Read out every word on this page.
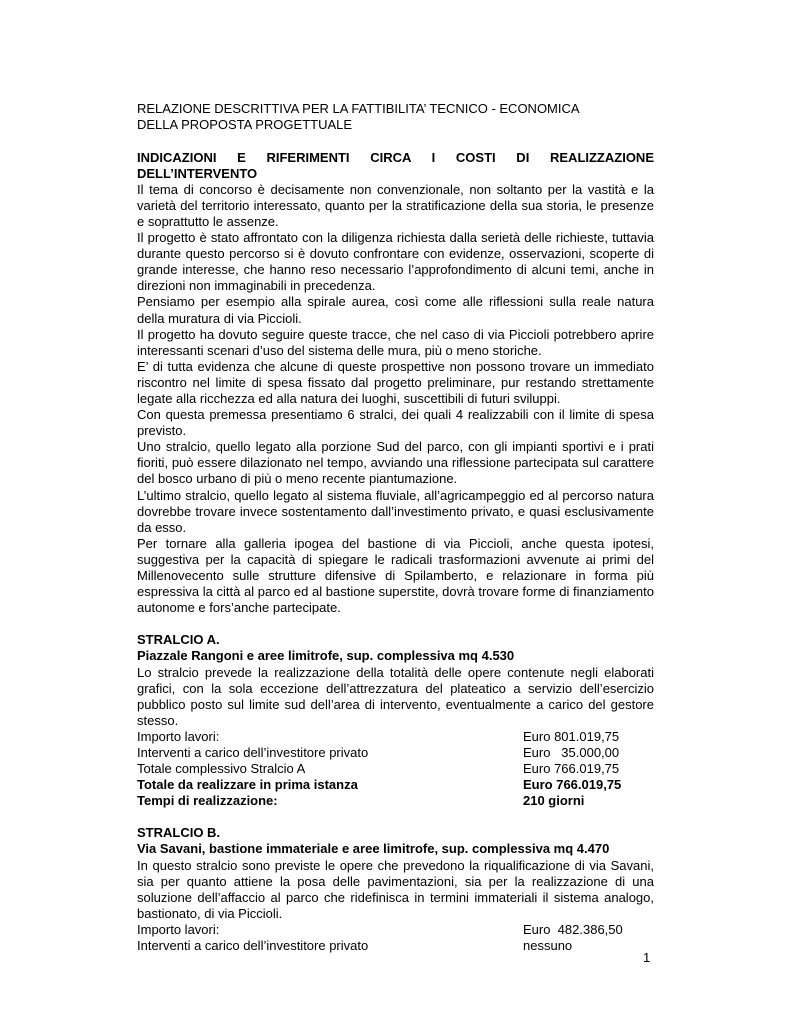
RELAZIONE DESCRITTIVA PER LA FATTIBILITA’ TECNICO - ECONOMICA
DELLA PROPOSTA PROGETTUALE
INDICAZIONI E RIFERIMENTI CIRCA I COSTI DI REALIZZAZIONE
DELL’INTERVENTO

Il tema di concorso è decisamente non convenzionale, non soltanto per la vastità e la varietà del territorio interessato, quanto per la stratificazione della sua storia, le presenze e soprattutto le assenze.

Il progetto è stato affrontato con la diligenza richiesta dalla serietà delle richieste, tuttavia durante questo percorso si è dovuto confrontare con evidenze, osservazioni, scoperte di grande interesse, che hanno reso necessario l’approfondimento di alcuni temi, anche in direzioni non immaginabili in precedenza.

Pensiamo per esempio alla spirale aurea, così come alle riflessioni sulla reale natura della muratura di via Piccioli.

Il progetto ha dovuto seguire queste tracce, che nel caso di via Piccioli potrebbero aprire interessanti scenari d’uso del sistema delle mura, più o meno storiche.

E’ di tutta evidenza che alcune di queste prospettive non possono trovare un immediato riscontro nel limite di spesa fissato dal progetto preliminare, pur restando strettamente legate alla ricchezza ed alla natura dei luoghi, suscettibili di futuri sviluppi.

Con questa premessa presentiamo 6 stralci, dei quali 4 realizzabili con il limite di spesa previsto.

Uno stralcio, quello legato alla porzione Sud del parco, con gli impianti sportivi e i prati fioriti, può essere dilazionato nel tempo, avviando una riflessione partecipata sul carattere del bosco urbano di più o meno recente piantumazione.

L’ultimo stralcio, quello legato al sistema fluviale, all’agricampeggio ed al percorso natura dovrebbe trovare invece sostentamento dall’investimento privato, e quasi esclusivamente da esso.

Per tornare alla galleria ipogea del bastione di via Piccioli, anche questa ipotesi, suggestiva per la capacità di spiegare le radicali trasformazioni avvenute ai primi del Millenovecento sulle strutture difensive di Spilamberto, e relazionare in forma più espressiva la città al parco ed al bastione superstite, dovrà trovare forme di finanziamento autonome e fors’anche partecipate.

STRALCIO A.
Piazzale Rangoni e aree limitrofe, sup. complessiva mq 4.530

Lo stralcio prevede la realizzazione della totalità delle opere contenute negli elaborati grafici, con la sola eccezione dell’attrezzatura del plateatico a servizio dell’esercizio pubblico posto sul limite sud dell’area di intervento, eventualmente a carico del gestore stesso.

Importo lavori:	Euro 801.019,75
Interventi a carico dell’investitore privato	Euro   35.000,00
Totale complessivo Stralcio A	Euro 766.019,75
Totale da realizzare in prima istanza	Euro 766.019,75
Tempi di realizzazione:	210 giorni
STRALCIO B.
Via Savani, bastione immateriale e aree limitrofe, sup. complessiva mq 4.470

In questo stralcio sono previste le opere che prevedono la riqualificazione di via Savani, sia per quanto attiene la posa delle pavimentazioni, sia per la realizzazione di una soluzione dell’affaccio al parco che ridefinisca in termini immateriali il sistema analogo, bastionato, di via Piccioli.

Importo lavori:	Euro  482.386,50
Interventi a carico dell’investitore privato	nessuno
1
